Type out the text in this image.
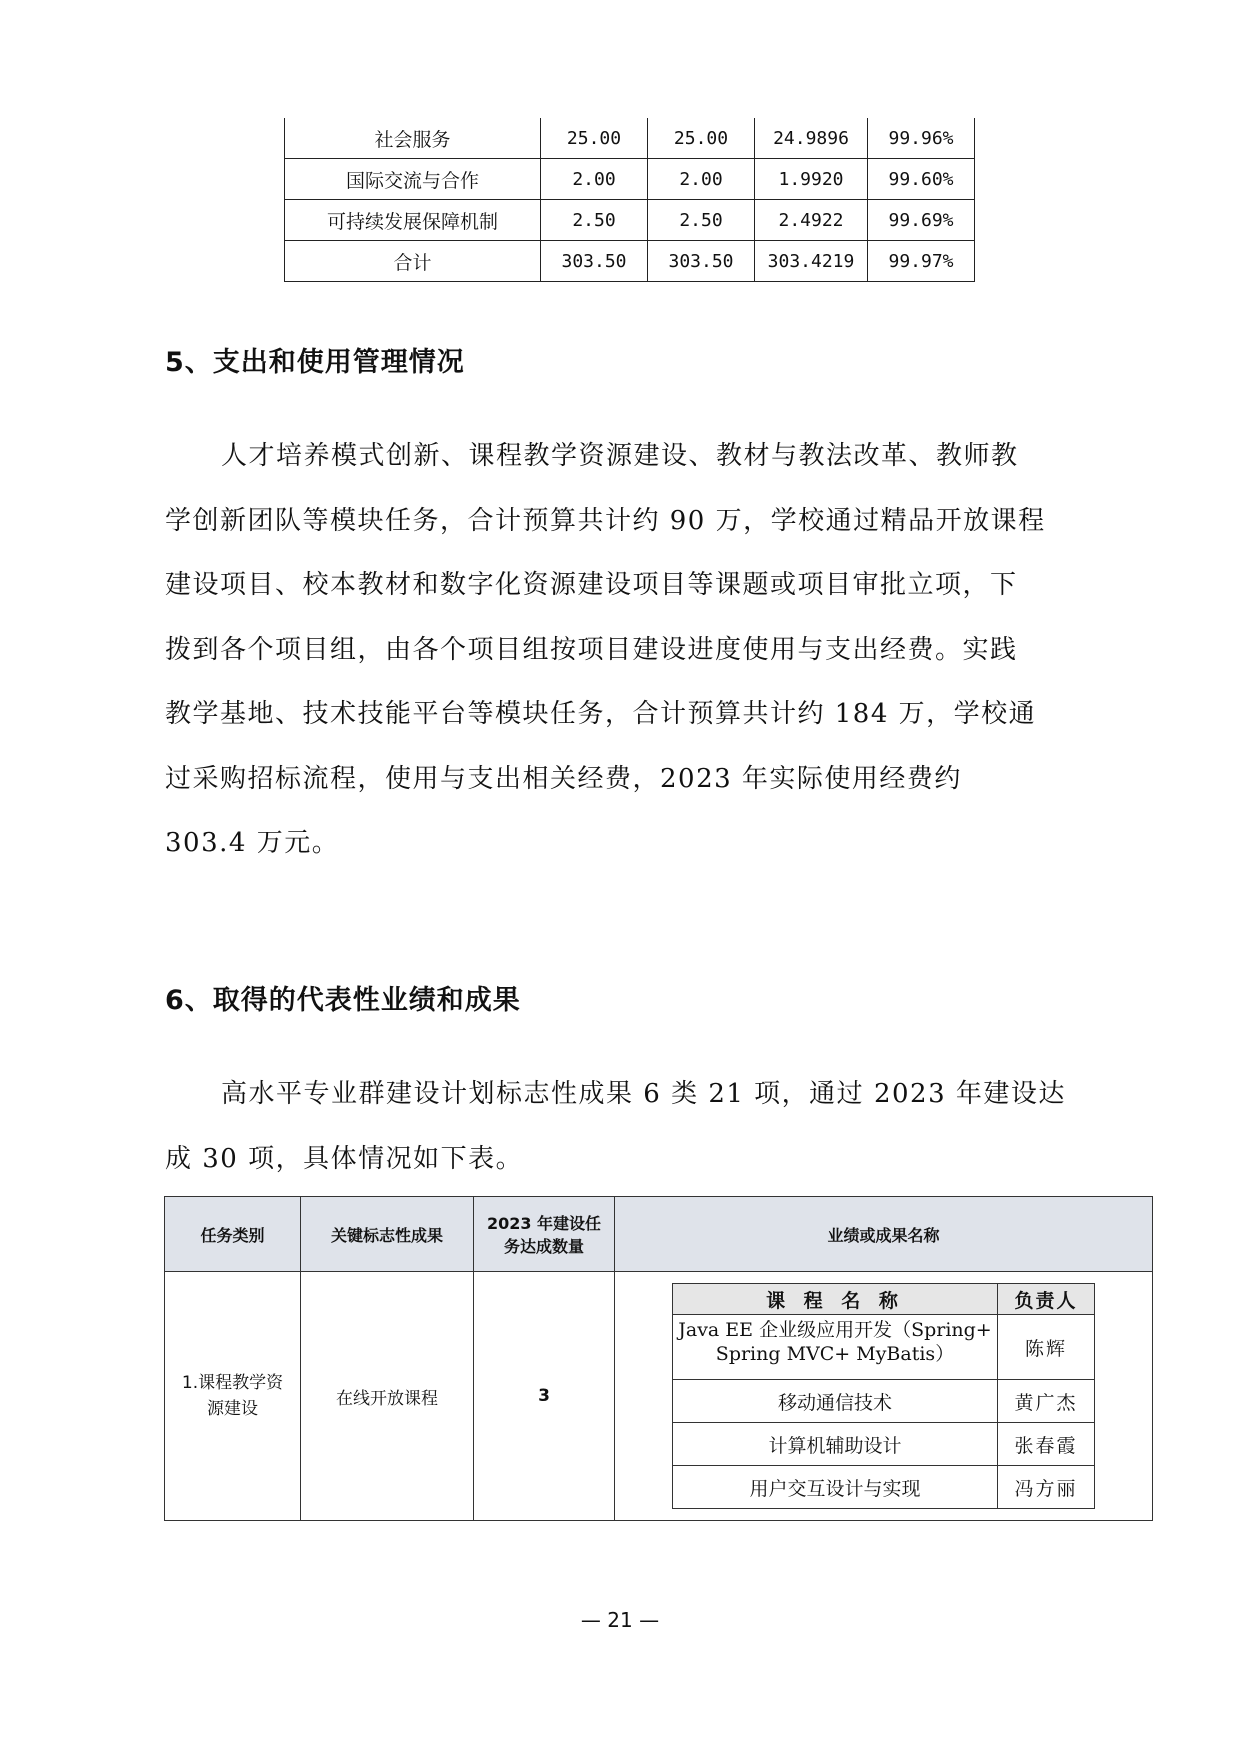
社会服务	25.00	25.00	24.9896	99.96%
国际交流与合作	2.00	2.00	1.9920	99.60%
可持续发展保障机制	2.50	2.50	2.4922	99.69%
合计	303.50	303.50	303.4219	99.97%
5、支出和使用管理情况
人才培养模式创新、课程教学资源建设、教材与教法改革、教师教
学创新团队等模块任务，合计预算共计约 90 万，学校通过精品开放课程
建设项目、校本教材和数字化资源建设项目等课题或项目审批立项，下
拨到各个项目组，由各个项目组按项目建设进度使用与支出经费。实践
教学基地、技术技能平台等模块任务，合计预算共计约 184 万，学校通
过采购招标流程，使用与支出相关经费，2023 年实际使用经费约
303.4 万元。
6、取得的代表性业绩和成果
高水平专业群建设计划标志性成果 6 类 21 项，通过 2023 年建设达
成 30 项，具体情况如下表。
任务类别	关键标志性成果	2023 年建设任务达成数量	业绩或成果名称
1.课程教学资源建设	在线开放课程	3	
课 程 名 称	负责人

Java EE 企业级应用开发（Spring+ Spring MVC+ MyBatis）	陈辉
移动通信技术	黄广杰
计算机辅助设计	张春霞
用户交互设计与实现	冯方丽
— 21 —
